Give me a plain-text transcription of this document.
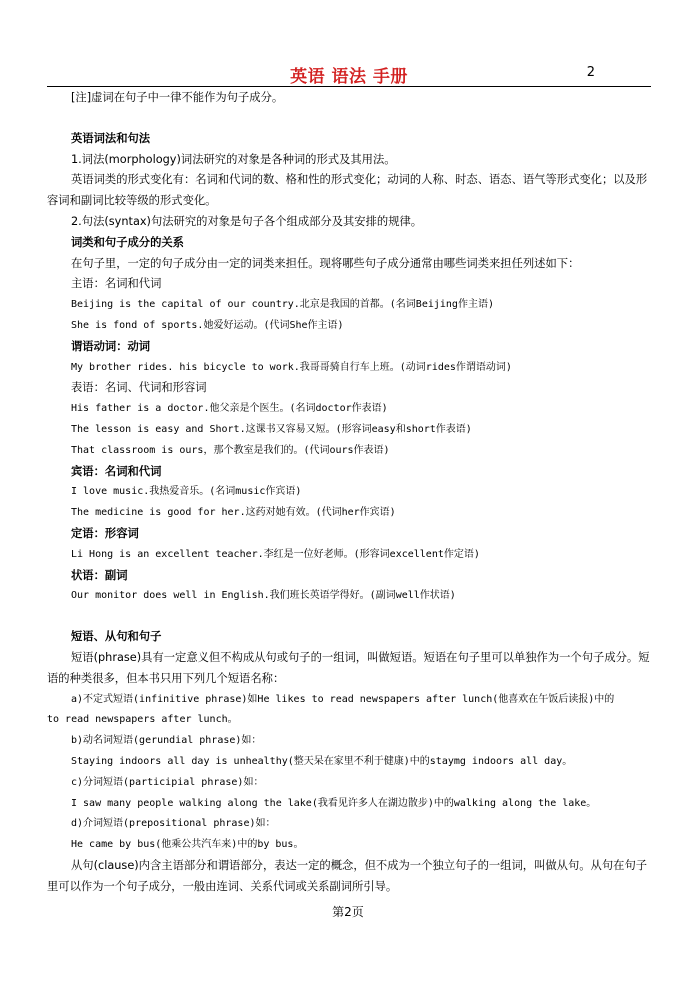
英语 语法 手册	2
[注]虚词在句子中一律不能作为句子成分。
英语词法和句法
1.词法(morphology)词法研究的对象是各种词的形式及其用法。
英语词类的形式变化有：名词和代词的数、格和性的形式变化；动词的人称、时态、语态、语气等形式变化；以及形容词和副词比较等级的形式变化。
2.句法(syntax)句法研究的对象是句子各个组成部分及其安排的规律。
词类和句子成分的关系
在句子里，一定的句子成分由一定的词类来担任。现将哪些句子成分通常由哪些词类来担任列述如下：
主语：名词和代词
Beijing is the capital of our country.北京是我国的首都。(名词Beijing作主语)
She is fond of sports.她爱好运动。(代词She作主语)
谓语动词：动词
My brother rides. his bicycle to work.我哥哥骑自行车上班。(动词rides作谓语动词)
表语：名词、代词和形容词
His father is a doctor.他父亲是个医生。(名词doctor作表语)
The lesson is easy and Short.这课书又容易又短。(形容词easy和short作表语)
That classroom is ours，那个教室是我们的。(代词ours作表语)
宾语：名词和代词
I love music.我热爱音乐。(名词music作宾语)
The medicine is good for her.这药对她有效。(代词her作宾语)
定语：形容词
Li Hong is an excellent teacher.李红是一位好老师。(形容词excellent作定语)
状语：副词
Our monitor does well in English.我们班长英语学得好。(副词well作状语)
短语、从句和句子
短语(phrase)具有一定意义但不构成从句或句子的一组词，叫做短语。短语在句子里可以单独作为一个句子成分。短语的种类很多，但本书只用下列几个短语名称：
a)不定式短语(infinitive phrase)如He likes to read newspapers after lunch(他喜欢在午饭后读报)中的
to read newspapers after lunch。
b)动名词短语(gerundial phrase)如：
Staying indoors all day is unhealthy(整天呆在家里不利于健康)中的staymg indoors all day。
c)分词短语(participial phrase)如：
I saw many people walking along the lake(我看见许多人在湖边散步)中的walking along the lake。
d)介词短语(prepositional phrase)如：
He came by bus(他乘公共汽车来)中的by bus。
从句(clause)内含主语部分和谓语部分，表达一定的概念，但不成为一个独立句子的一组词，叫做从句。从句在句子里可以作为一个句子成分，一般由连词、关系代词或关系副词所引导。
第2页
